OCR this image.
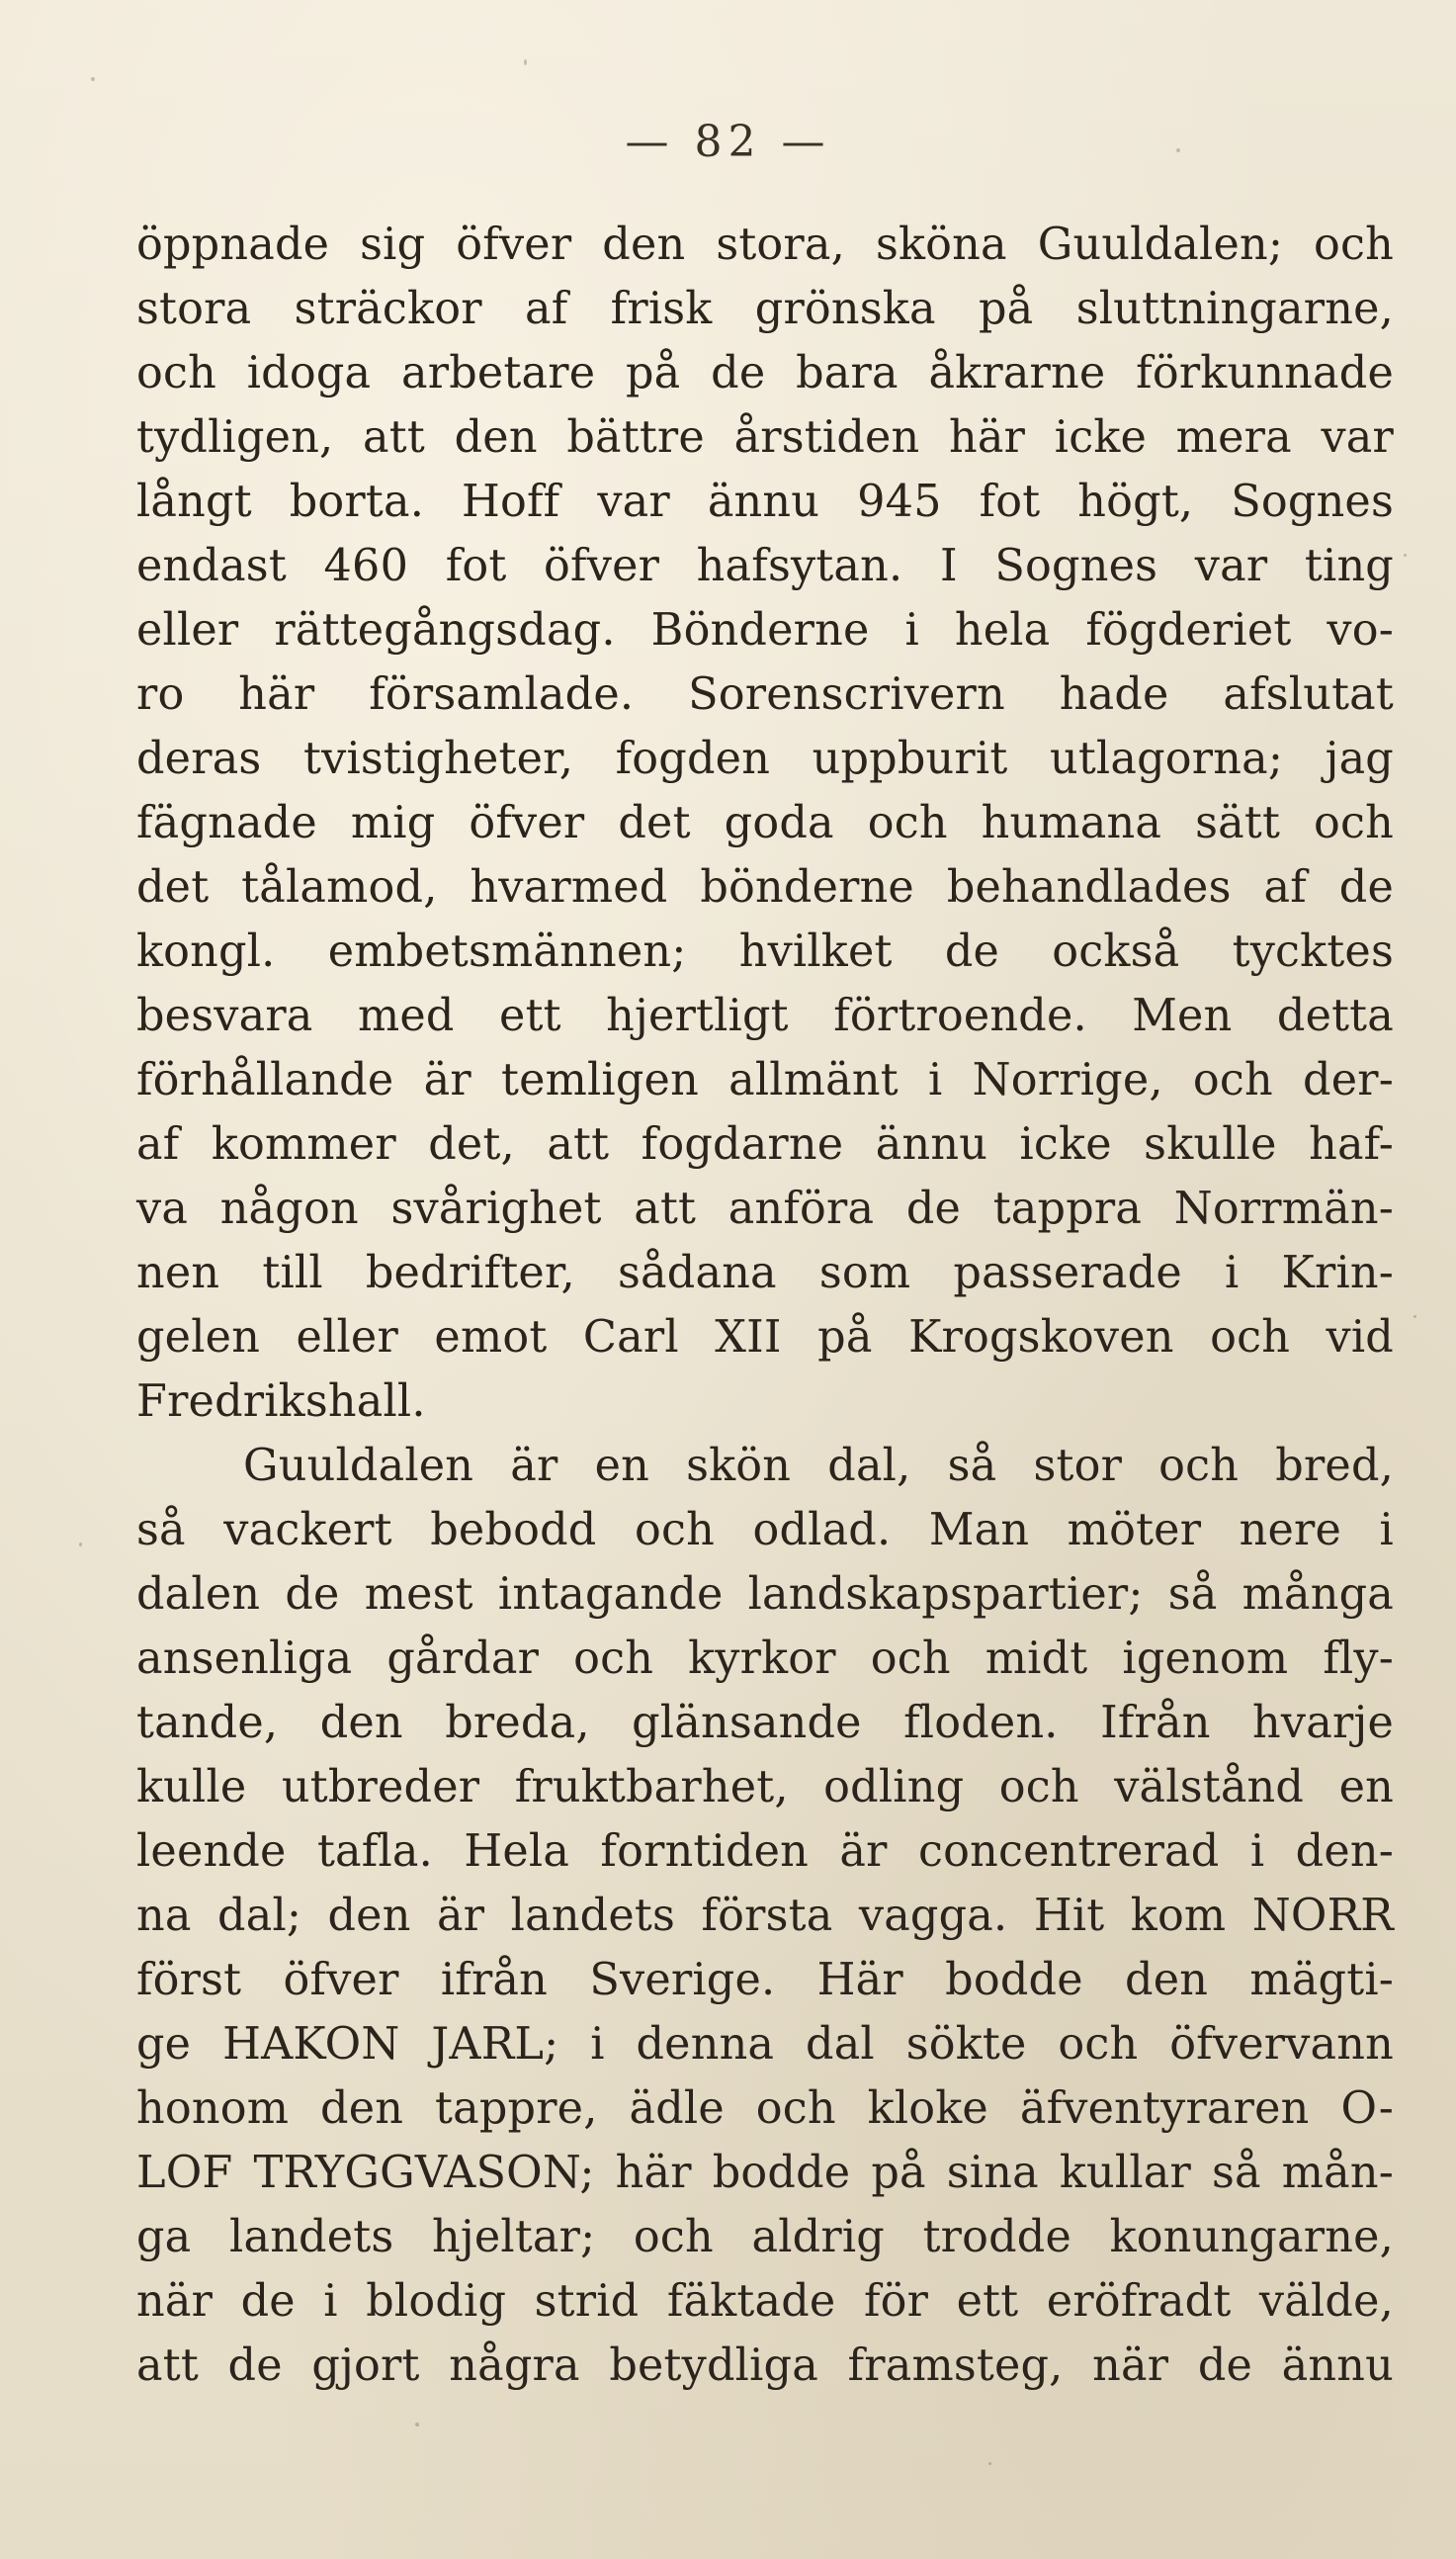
— 82 —
öppnade sig öfver den stora, sköna Guuldalen; och
stora sträckor af frisk grönska på sluttningarne,
och idoga arbetare på de bara åkrarne förkunnade
tydligen, att den bättre årstiden här icke mera var
långt borta. Hoff var ännu 945 fot högt, Sognes
endast 460 fot öfver hafsytan. I Sognes var ting
eller rättegångsdag. Bönderne i hela fögderiet vo-
ro här församlade. Sorenscrivern hade afslutat
deras tvistigheter, fogden uppburit utlagorna; jag
fägnade mig öfver det goda och humana sätt och
det tålamod, hvarmed bönderne behandlades af de
kongl. embetsmännen; hvilket de också tycktes
besvara med ett hjertligt förtroende. Men detta
förhållande är temligen allmänt i Norrige, och der-
af kommer det, att fogdarne ännu icke skulle haf-
va någon svårighet att anföra de tappra Norrmän-
nen till bedrifter, sådana som passerade i Krin-
gelen eller emot Carl XII på Krogskoven och vid
Fredrikshall.
Guuldalen är en skön dal, så stor och bred,
så vackert bebodd och odlad. Man möter nere i
dalen de mest intagande landskapspartier; så många
ansenliga gårdar och kyrkor och midt igenom fly-
tande, den breda, glänsande floden. Ifrån hvarje
kulle utbreder fruktbarhet, odling och välstånd en
leende tafla. Hela forntiden är concentrerad i den-
na dal; den är landets första vagga. Hit kom NORR
först öfver ifrån Sverige. Här bodde den mägti-
ge HAKON JARL; i denna dal sökte och öfvervann
honom den tappre, ädle och kloke äfventyraren O-
LOF TRYGGVASON; här bodde på sina kullar så mån-
ga landets hjeltar; och aldrig trodde konungarne,
när de i blodig strid fäktade för ett eröfradt välde,
att de gjort några betydliga framsteg, när de ännu
